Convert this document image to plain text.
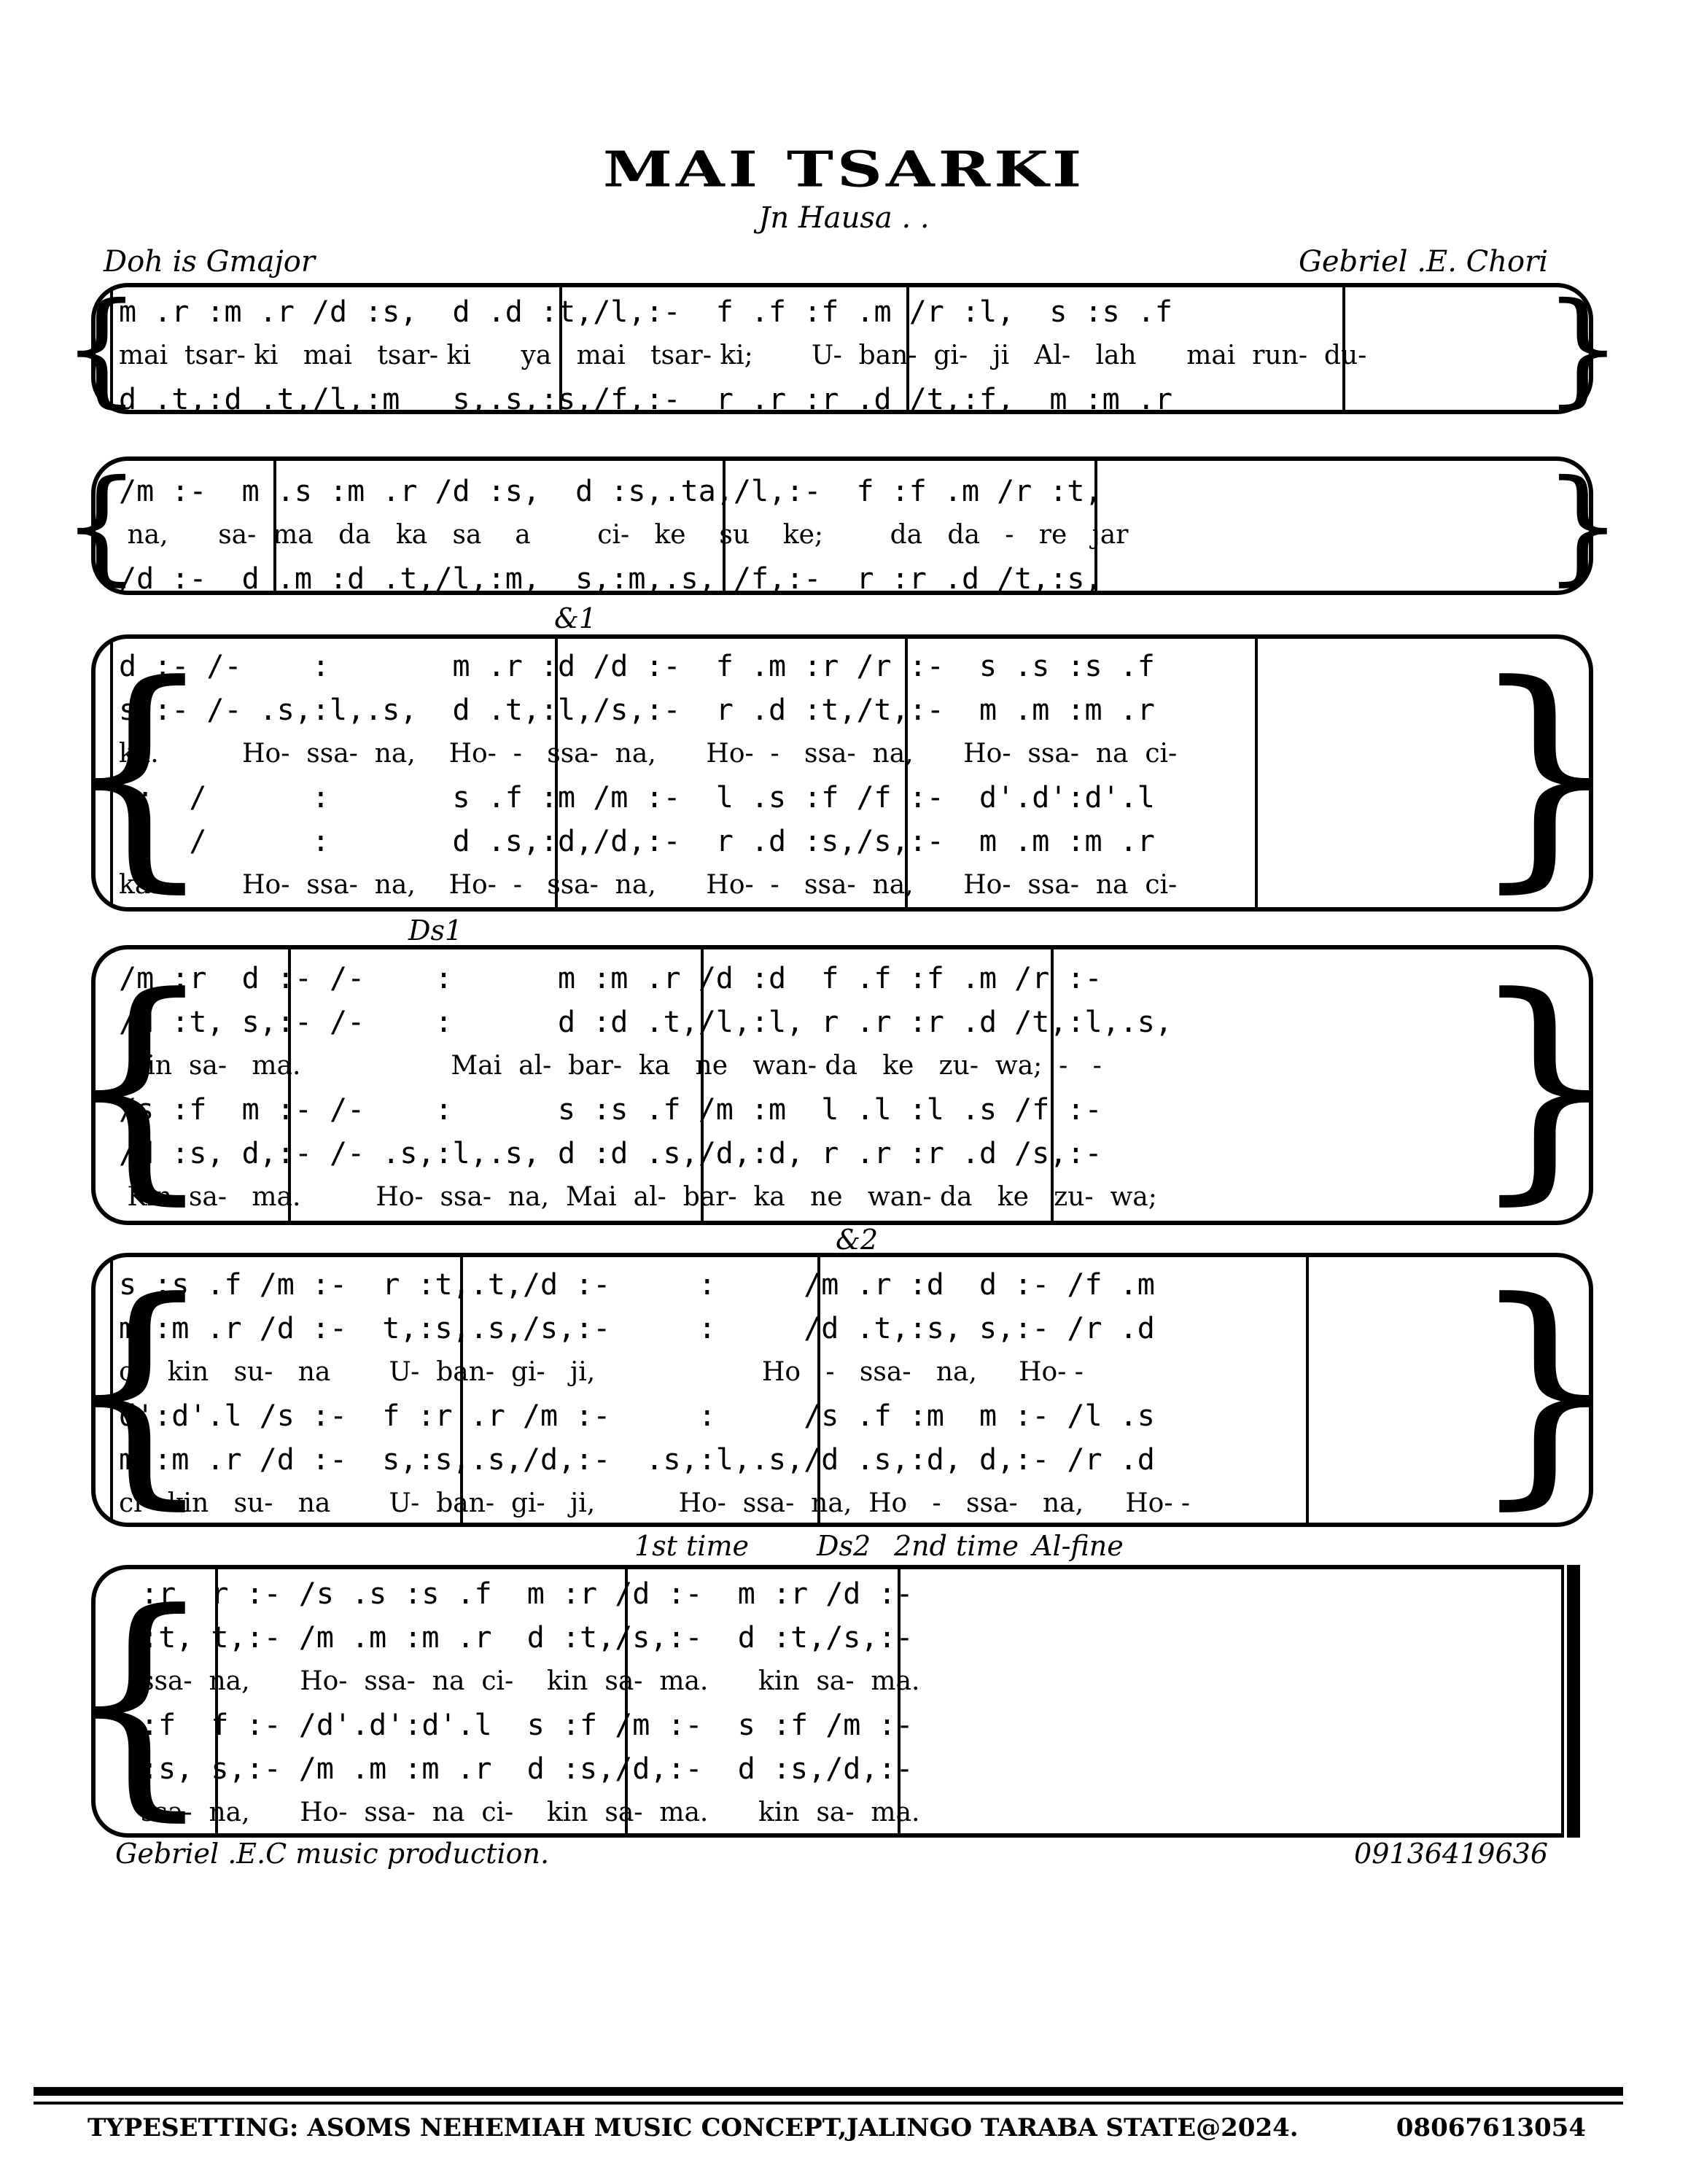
MAI TSARKI
Jn Hausa . .
Doh is Gmajor	Gebriel .E. Chori
{	}
m .r :m .r /d :s,  d .d :t,/l,:-  f .f :f .m /r :l,  s :s .f
mai  tsar- ki   mai   tsar- ki      ya   mai   tsar- ki;       U-  ban-  gi-   ji   Al-   lah      mai  run-  du-
d .t,:d .t,/l,:m   s,.s,:s,/f,:-  r .r :r .d /t,:f,  m :m .r
{	}
/m :-  m .s :m .r /d :s,  d :s,.ta,/l,:-  f :f .m /r :t,
na,      sa-  ma   da   ka   sa    a        ci-   ke    su    ke;        da   da   -   re   jar
/d :-  d .m :d .t,/l,:m,  s,:m,.s, /f,:-  r :r .d /t,:s,
&1
{	}
d :- /-    :       m .r :d /d :-  f .m :r /r :-  s .s :s .f
s,:- /- .s,:l,.s,  d .t,:l,/s,:-  r .d :t,/t,:-  m .m :m .r
ka.          Ho-  ssa-  na,    Ho-  -   ssa-  na,      Ho-  -   ssa-  na,      Ho-  ssa-  na  ci-
:  /      :       s .f :m /m :-  l .s :f /f :-  d'.d':d'.l
:  /      :       d .s,:d,/d,:-  r .d :s,/s,:-  m .m :m .r
ka.          Ho-  ssa-  na,    Ho-  -   ssa-  na,      Ho-  -   ssa-  na,      Ho-  ssa-  na  ci-
Ds1
{	}
/m :r  d :- /-    :      m :m .r /d :d  f .f :f .m /r :-
/d :t, s,:- /-    :      d :d .t,/l,:l, r .r :r .d /t,:l,.s,
Kin  sa-   ma.                  Mai  al-  bar-  ka   ne   wan- da   ke   zu-  wa;  -   -
/s :f  m :- /-    :      s :s .f /m :m  l .l :l .s /f :-
/d :s, d,:- /- .s,:l,.s, d :d .s,/d,:d, r .r :r .d /s,:-
Kin  sa-   ma.         Ho-  ssa-  na,  Mai  al-  bar-  ka   ne   wan- da   ke   zu-  wa;
&2
{	}
s :s .f /m :-  r :t,.t,/d :-     :     /m .r :d  d :- /f .m
m :m .r /d :-  t,:s,.s,/s,:-     :     /d .t,:s, s,:- /r .d
ci-  kin   su-   na       U-  ban-  gi-   ji,                    Ho   -   ssa-   na,     Ho- -
d':d'.l /s :-  f :r .r /m :-     :     /s .f :m  m :- /l .s
m :m .r /d :-  s,:s,.s,/d,:-  .s,:l,.s,/d .s,:d, d,:- /r .d
ci-  kin   su-   na       U-  ban-  gi-   ji,          Ho-  ssa-  na,  Ho   -   ssa-   na,     Ho- -
1st time Ds2 2nd time Al-fine
{
:r  r :- /s .s :s .f  m :r /d :-  m :r /d :-
:t, t,:- /m .m :m .r  d :t,/s,:-  d :t,/s,:-
ssa-  na,      Ho-  ssa-  na  ci-    kin  sa-  ma.      kin  sa-  ma.
:f  f :- /d'.d':d'.l  s :f /m :-  s :f /m :-
:s, s,:- /m .m :m .r  d :s,/d,:-  d :s,/d,:-
ssa-  na,      Ho-  ssa-  na  ci-    kin  sa-  ma.      kin  sa-  ma.
Gebriel .E.C music production.	09136419636
TYPESETTING: ASOMS NEHEMIAH MUSIC CONCEPT,JALINGO TARABA STATE@2024.	08067613054
